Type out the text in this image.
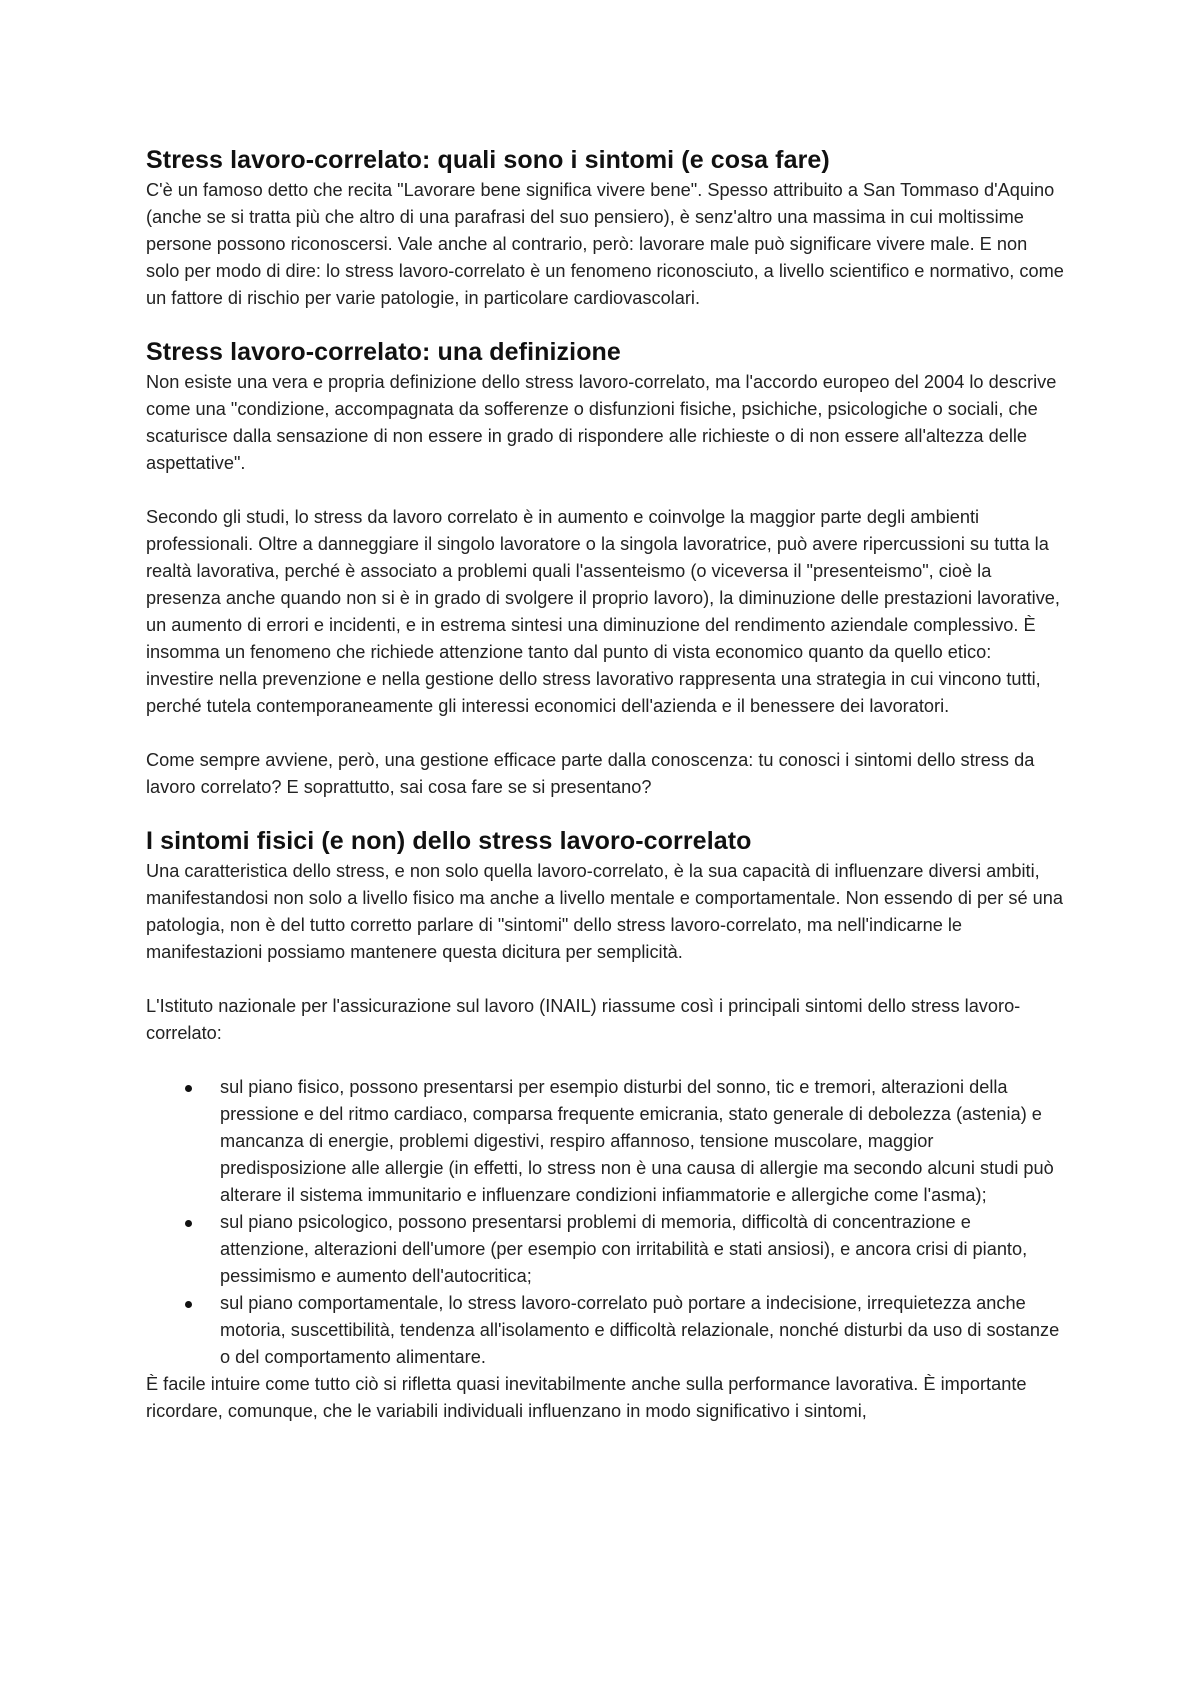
Stress lavoro-correlato: quali sono i sintomi (e cosa fare)

C'è un famoso detto che recita "Lavorare bene significa vivere bene". Spesso attribuito a San Tommaso d'Aquino (anche se si tratta più che altro di una parafrasi del suo pensiero), è senz'altro una massima in cui moltissime persone possono riconoscersi. Vale anche al contrario, però: lavorare male può significare vivere male. E non solo per modo di dire: lo stress lavoro-correlato è un fenomeno riconosciuto, a livello scientifico e normativo, come un fattore di rischio per varie patologie, in particolare cardiovascolari.

Stress lavoro-correlato: una definizione

Non esiste una vera e propria definizione dello stress lavoro-correlato, ma l'accordo europeo del 2004 lo descrive come una "condizione, accompagnata da sofferenze o disfunzioni fisiche, psichiche, psicologiche o sociali, che scaturisce dalla sensazione di non essere in grado di rispondere alle richieste o di non essere all'altezza delle aspettative".

Secondo gli studi, lo stress da lavoro correlato è in aumento e coinvolge la maggior parte degli ambienti professionali. Oltre a danneggiare il singolo lavoratore o la singola lavoratrice, può avere ripercussioni su tutta la realtà lavorativa, perché è associato a problemi quali l'assenteismo (o viceversa il "presenteismo", cioè la presenza anche quando non si è in grado di svolgere il proprio lavoro), la diminuzione delle prestazioni lavorative, un aumento di errori e incidenti, e in estrema sintesi una diminuzione del rendimento aziendale complessivo. È insomma un fenomeno che richiede attenzione tanto dal punto di vista economico quanto da quello etico: investire nella prevenzione e nella gestione dello stress lavorativo rappresenta una strategia in cui vincono tutti, perché tutela contemporaneamente gli interessi economici dell'azienda e il benessere dei lavoratori.

Come sempre avviene, però, una gestione efficace parte dalla conoscenza: tu conosci i sintomi dello stress da lavoro correlato? E soprattutto, sai cosa fare se si presentano?

I sintomi fisici (e non) dello stress lavoro-correlato

Una caratteristica dello stress, e non solo quella lavoro-correlato, è la sua capacità di influenzare diversi ambiti, manifestandosi non solo a livello fisico ma anche a livello mentale e comportamentale. Non essendo di per sé una patologia, non è del tutto corretto parlare di "sintomi" dello stress lavoro-correlato, ma nell'indicarne le manifestazioni possiamo mantenere questa dicitura per semplicità.

L'Istituto nazionale per l'assicurazione sul lavoro (INAIL) riassume così i principali sintomi dello stress lavoro-correlato:

sul piano fisico, possono presentarsi per esempio disturbi del sonno, tic e tremori, alterazioni della pressione e del ritmo cardiaco, comparsa frequente emicrania, stato generale di debolezza (astenia) e mancanza di energie, problemi digestivi, respiro affannoso, tensione muscolare, maggior predisposizione alle allergie (in effetti, lo stress non è una causa di allergie ma secondo alcuni studi può alterare il sistema immunitario e influenzare condizioni infiammatorie e allergiche come l'asma);
sul piano psicologico, possono presentarsi problemi di memoria, difficoltà di concentrazione e attenzione, alterazioni dell'umore (per esempio con irritabilità e stati ansiosi), e ancora crisi di pianto, pessimismo e aumento dell'autocritica;
sul piano comportamentale, lo stress lavoro-correlato può portare a indecisione, irrequietezza anche motoria, suscettibilità, tendenza all'isolamento e difficoltà relazionale, nonché disturbi da uso di sostanze o del comportamento alimentare.

È facile intuire come tutto ciò si rifletta quasi inevitabilmente anche sulla performance lavorativa. È importante ricordare, comunque, che le variabili individuali influenzano in modo significativo i sintomi,
